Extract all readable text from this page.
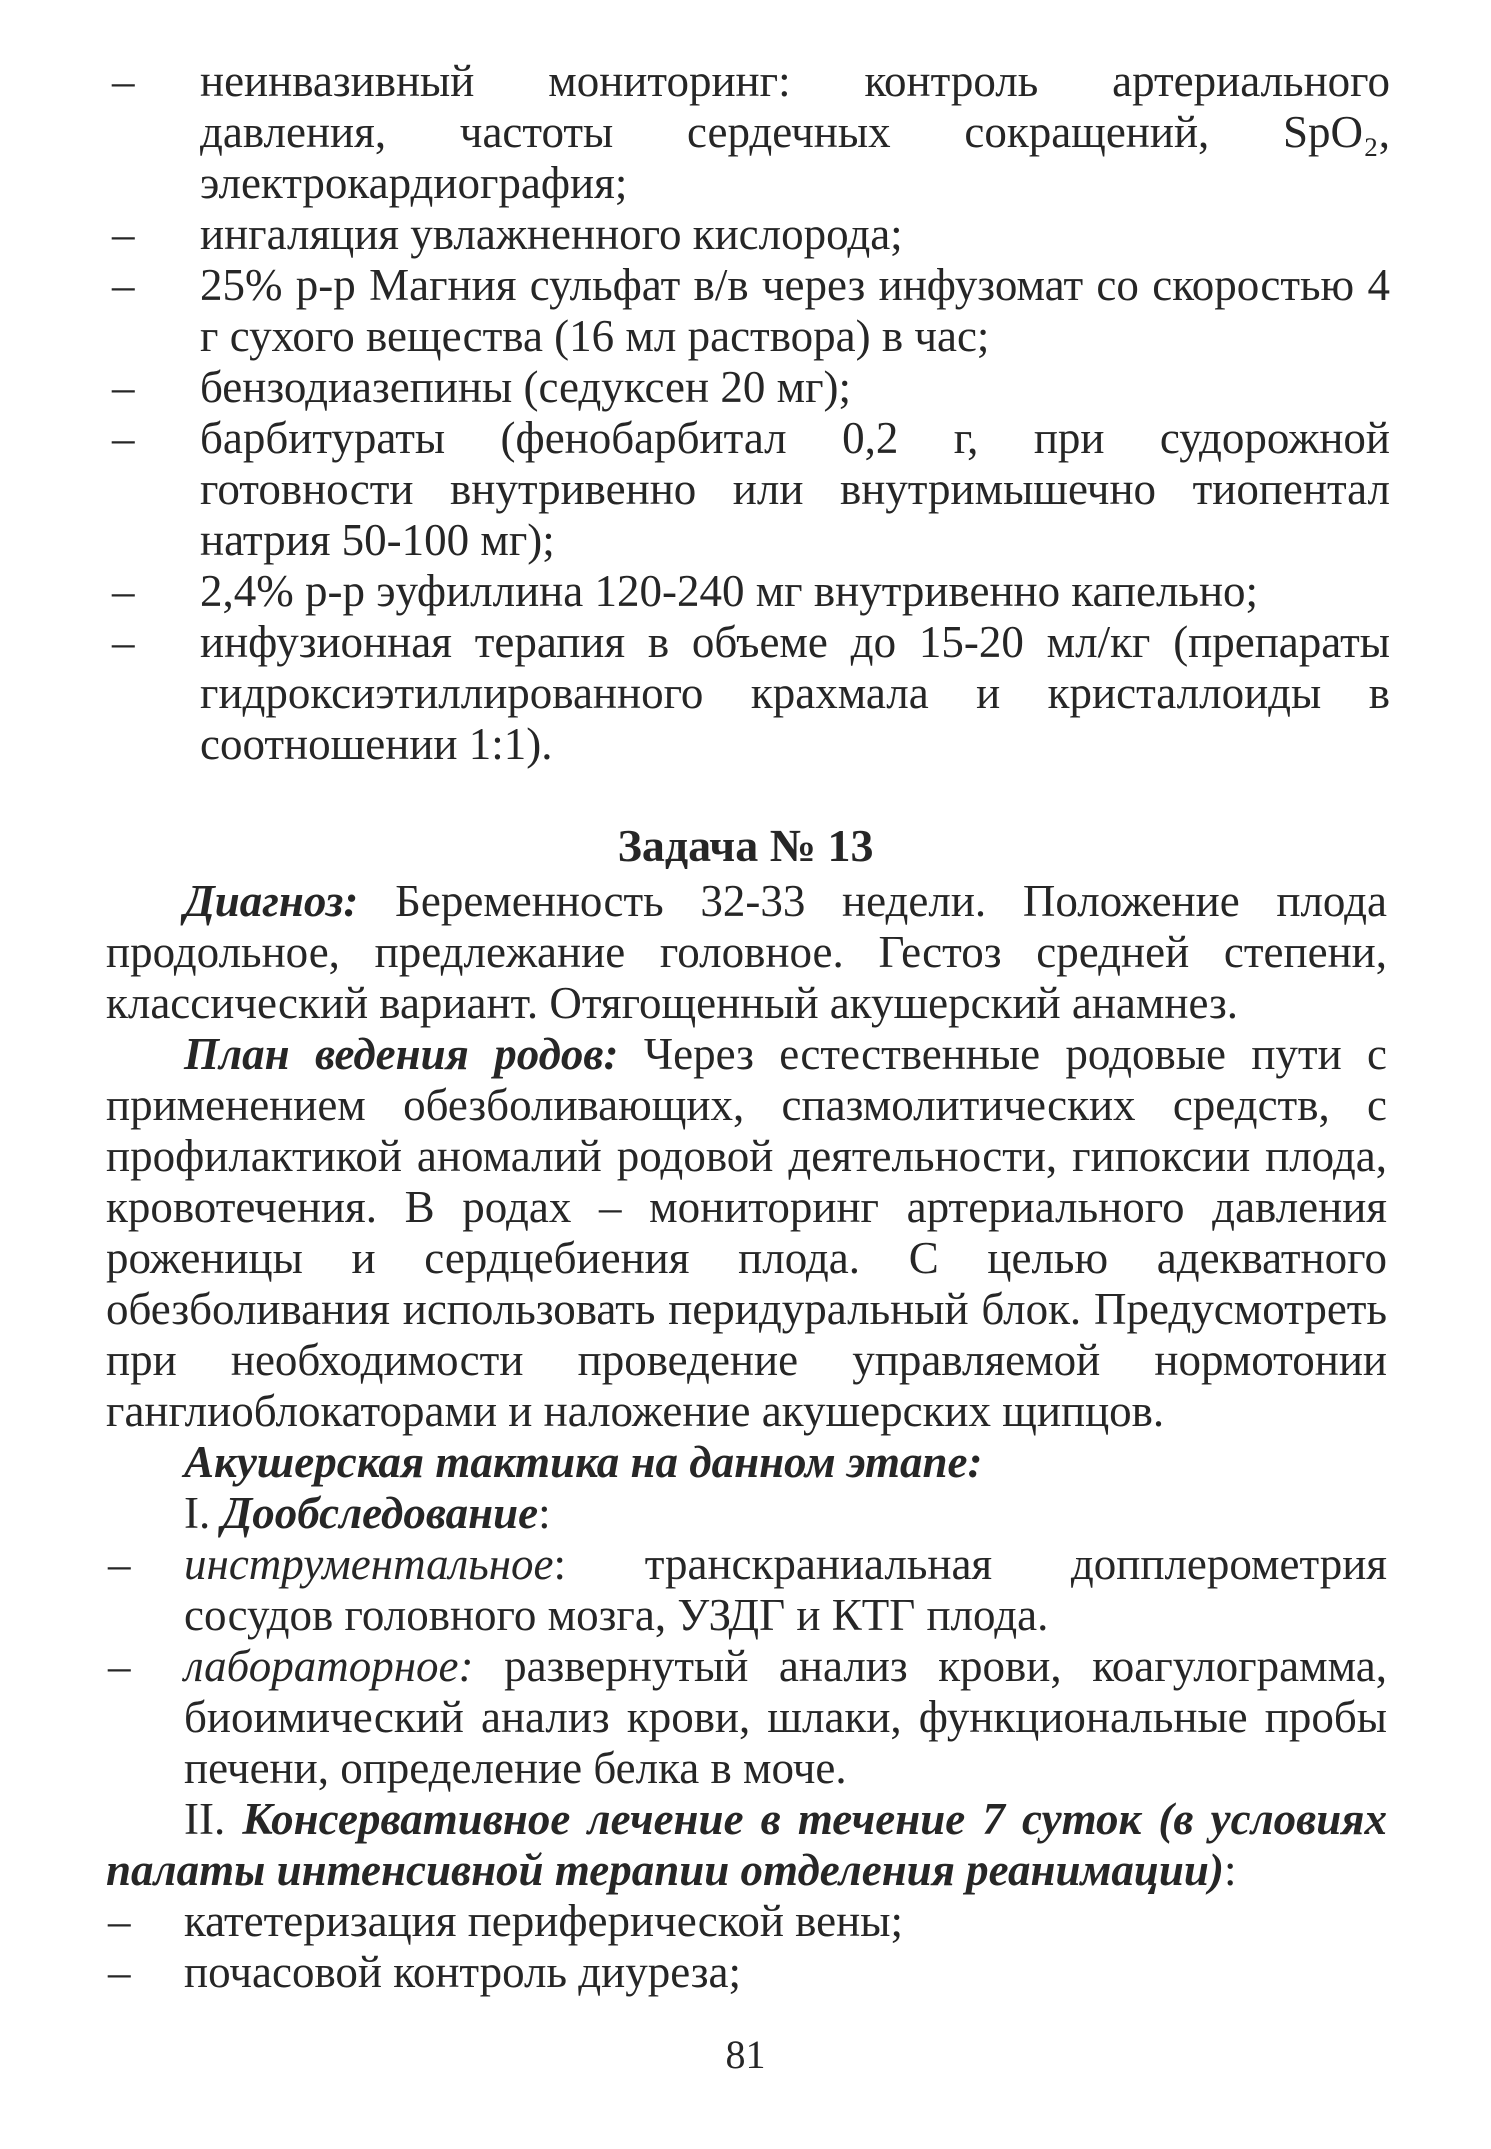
– неинвазивный мониторинг: контроль артериального давления, частоты сердечных сокращений, SpO₂, электрокардиография;
– ингаляция увлажненного кислорода;
– 25% р-р Магния сульфат в/в через инфузомат со скоростью 4 г сухого вещества (16 мл раствора) в час;
– бензодиазепины (седуксен 20 мг);
– барбитураты (фенобарбитал 0,2 г, при судорожной готовности внутривенно или внутримышечно тиопентал натрия 50-100 мг);
– 2,4% р-р эуфиллина 120-240 мг внутривенно капельно;
– инфузионная терапия в объеме до 15-20 мл/кг (препараты гидроксиэтиллированного крахмала и кристаллоиды в соотношении 1:1).
Задача № 13

Диагноз: Беременность 32-33 недели. Положение плода продольное, предлежание головное. Гестоз средней степени, классический вариант. Отягощенный акушерский анамнез.

План ведения родов: Через естественные родовые пути с применением обезболивающих, спазмолитических средств, с профилактикой аномалий родовой деятельности, гипоксии плода, кровотечения. В родах – мониторинг артериального давления роженицы и сердцебиения плода. С целью адекватного обезболивания использовать перидуральный блок. Предусмотреть при необходимости проведение управляемой нормотонии ганглиоблокаторами и наложение акушерских щипцов.

Акушерская тактика на данном этапе:

I. Дообследование:

– инструментальное: транскраниальная допплерометрия сосудов головного мозга, УЗДГ и КТГ плода.
– лабораторное: развернутый анализ крови, коагулограмма, биоимический анализ крови, шлаки, функциональные пробы печени, определение белка в моче.

II. Консервативное лечение в течение 7 суток (в условиях палаты интенсивной терапии отделения реанимации):

– катетеризация периферической вены;
– почасовой контроль диуреза;
81
